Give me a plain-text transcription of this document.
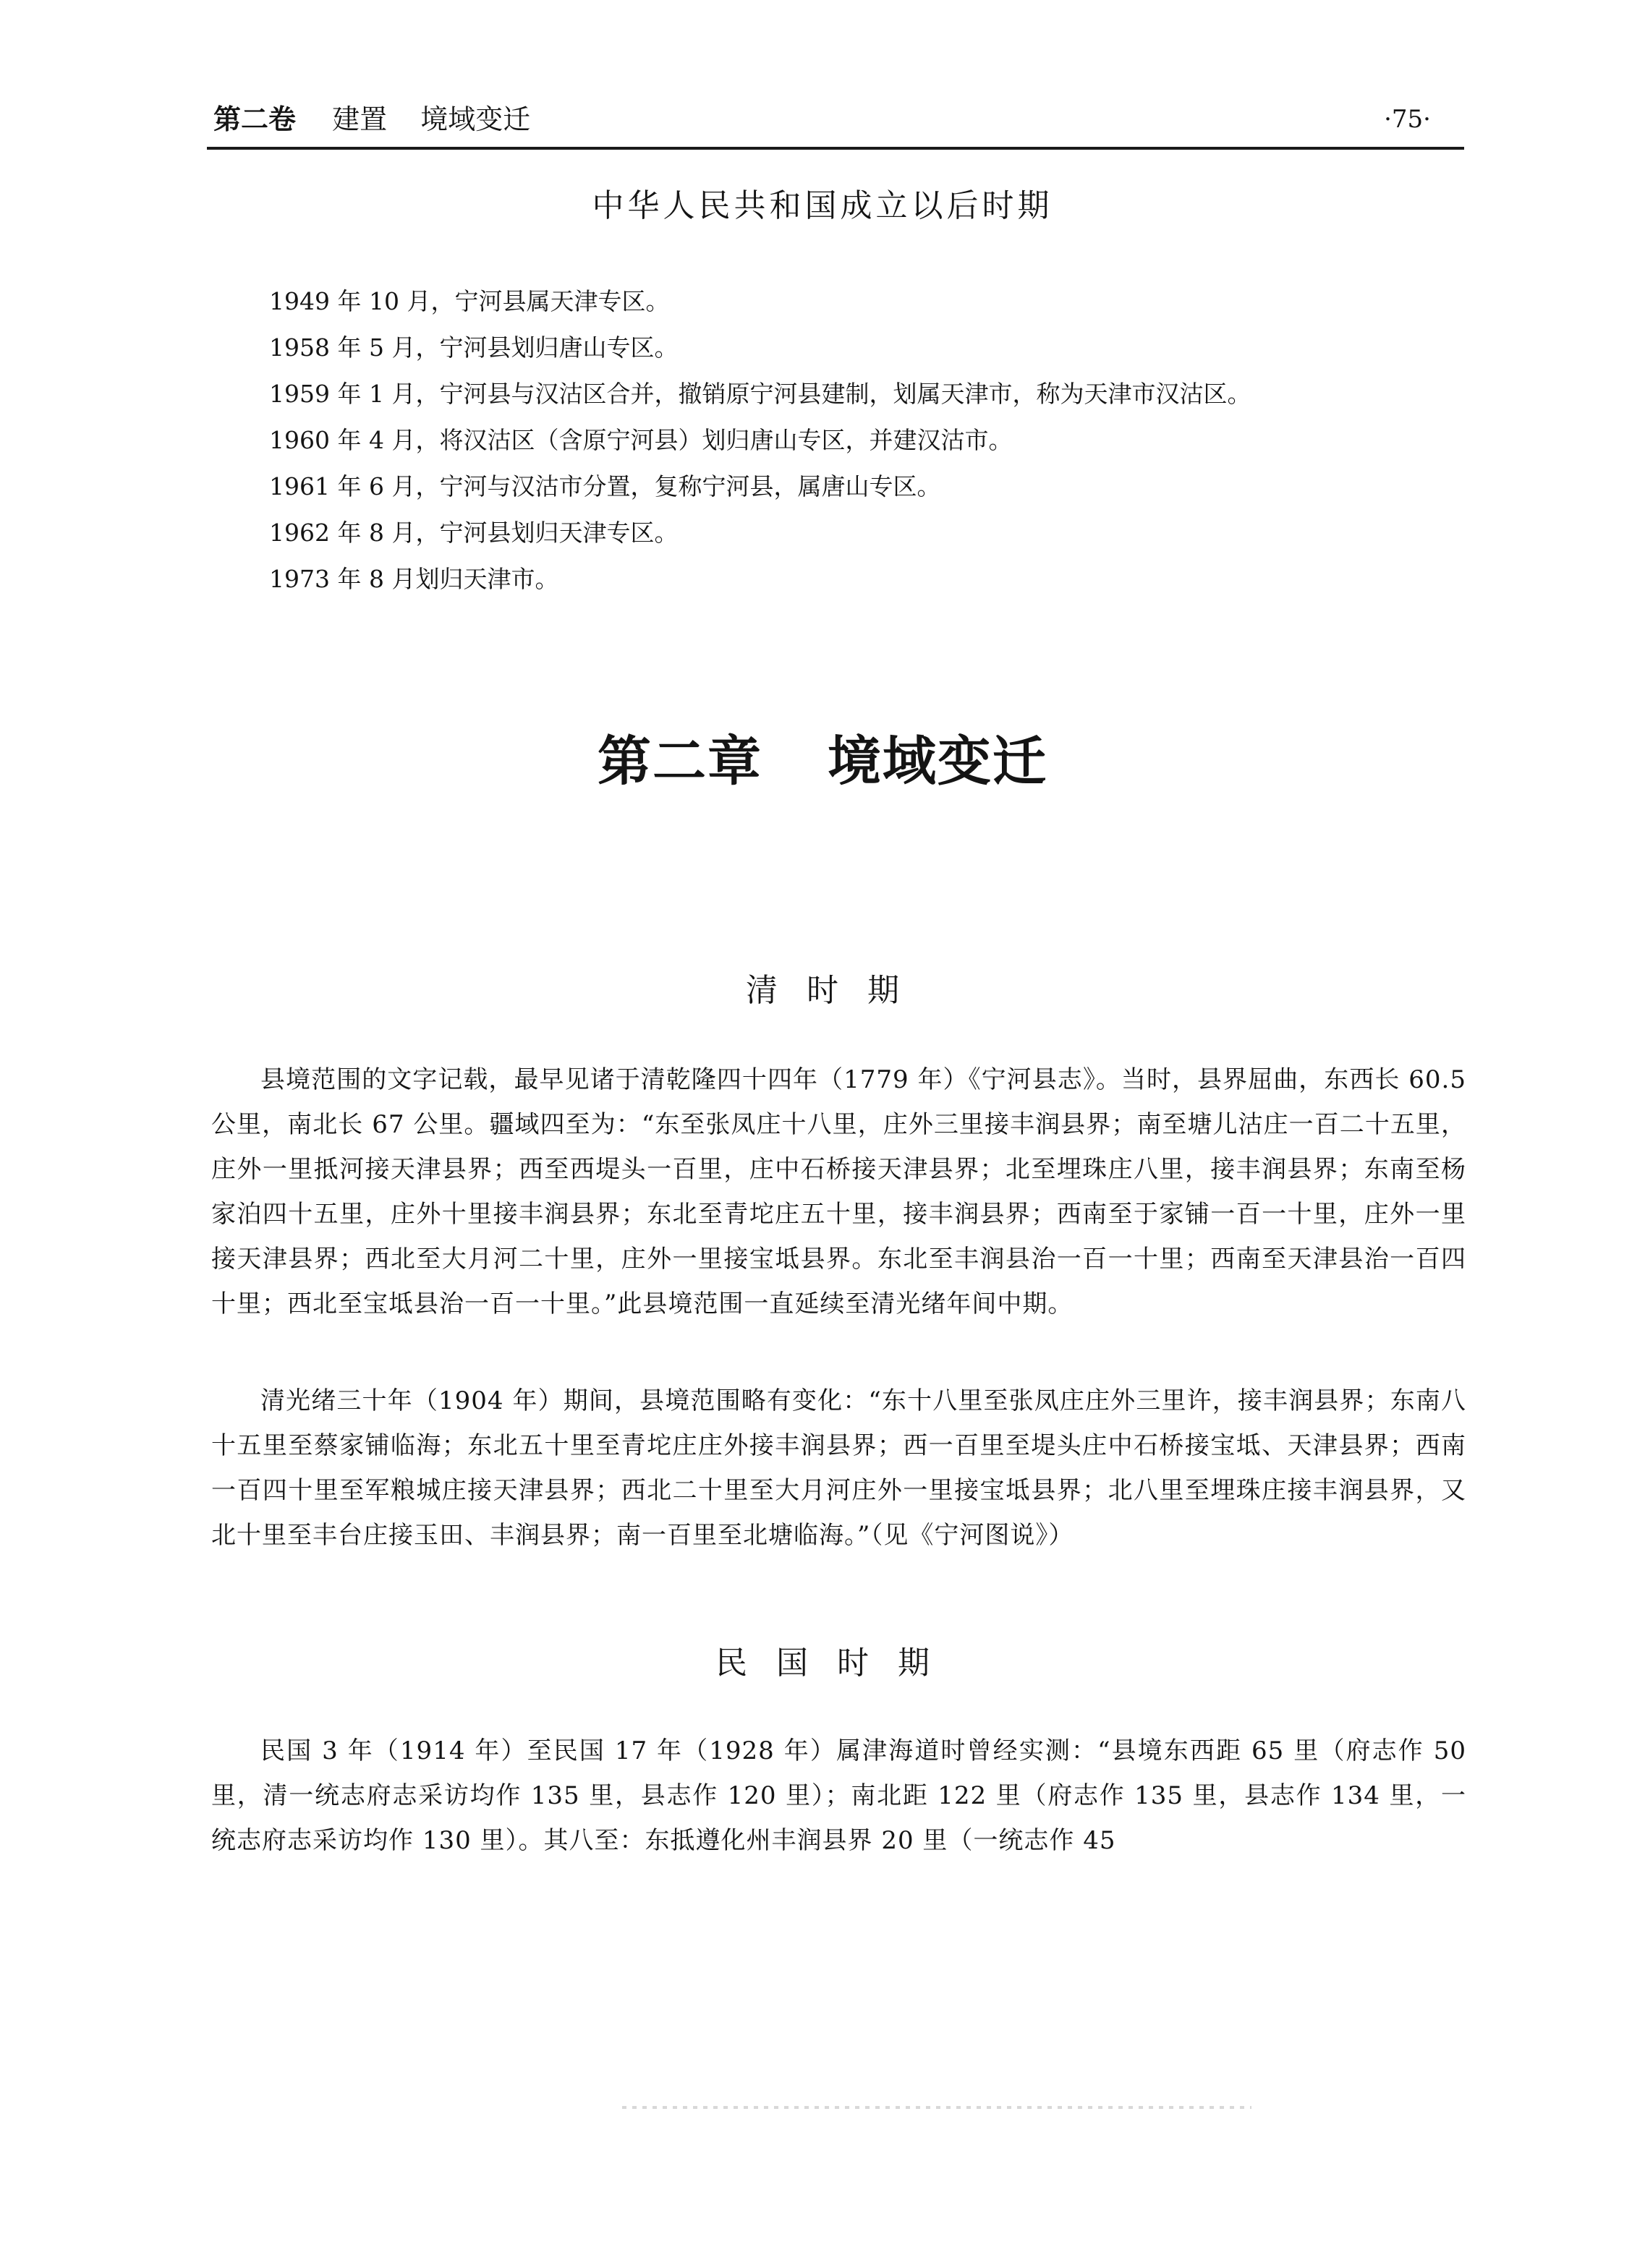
第二卷 建置 境域变迁	·75·
中华人民共和国成立以后时期
1949 年 10 月，宁河县属天津专区。
1958 年 5 月，宁河县划归唐山专区。
1959 年 1 月，宁河县与汉沽区合并，撤销原宁河县建制，划属天津市，称为天津市汉沽区。
1960 年 4 月，将汉沽区（含原宁河县）划归唐山专区，并建汉沽市。
1961 年 6 月，宁河与汉沽市分置，复称宁河县，属唐山专区。
1962 年 8 月，宁河县划归天津专区。
1973 年 8 月划归天津市。
第二章 境域变迁
清时期

县境范围的文字记载，最早见诸于清乾隆四十四年（1779 年）《宁河县志》。当时，县界屈曲，东西长 60.5 公里，南北长 67 公里。疆域四至为：“东至张凤庄十八里，庄外三里接丰润县界；南至塘儿沽庄一百二十五里，庄外一里抵河接天津县界；西至西堤头一百里，庄中石桥接天津县界；北至埋珠庄八里，接丰润县界；东南至杨家泊四十五里，庄外十里接丰润县界；东北至青坨庄五十里，接丰润县界；西南至于家铺一百一十里，庄外一里接天津县界；西北至大月河二十里，庄外一里接宝坻县界。东北至丰润县治一百一十里；西南至天津县治一百四十里；西北至宝坻县治一百一十里。”此县境范围一直延续至清光绪年间中期。

清光绪三十年（1904 年）期间，县境范围略有变化：“东十八里至张凤庄庄外三里许，接丰润县界；东南八十五里至蔡家铺临海；东北五十里至青坨庄庄外接丰润县界；西一百里至堤头庄中石桥接宝坻、天津县界；西南一百四十里至军粮城庄接天津县界；西北二十里至大月河庄外一里接宝坻县界；北八里至埋珠庄接丰润县界，又北十里至丰台庄接玉田、丰润县界；南一百里至北塘临海。”（见《宁河图说》）

民国时期

民国 3 年（1914 年）至民国 17 年（1928 年）属津海道时曾经实测：“县境东西距 65 里（府志作 50 里，清一统志府志采访均作 135 里，县志作 120 里）；南北距 122 里（府志作 135 里，县志作 134 里，一统志府志采访均作 130 里）。其八至：东抵遵化州丰润县界 20 里（一统志作 45
